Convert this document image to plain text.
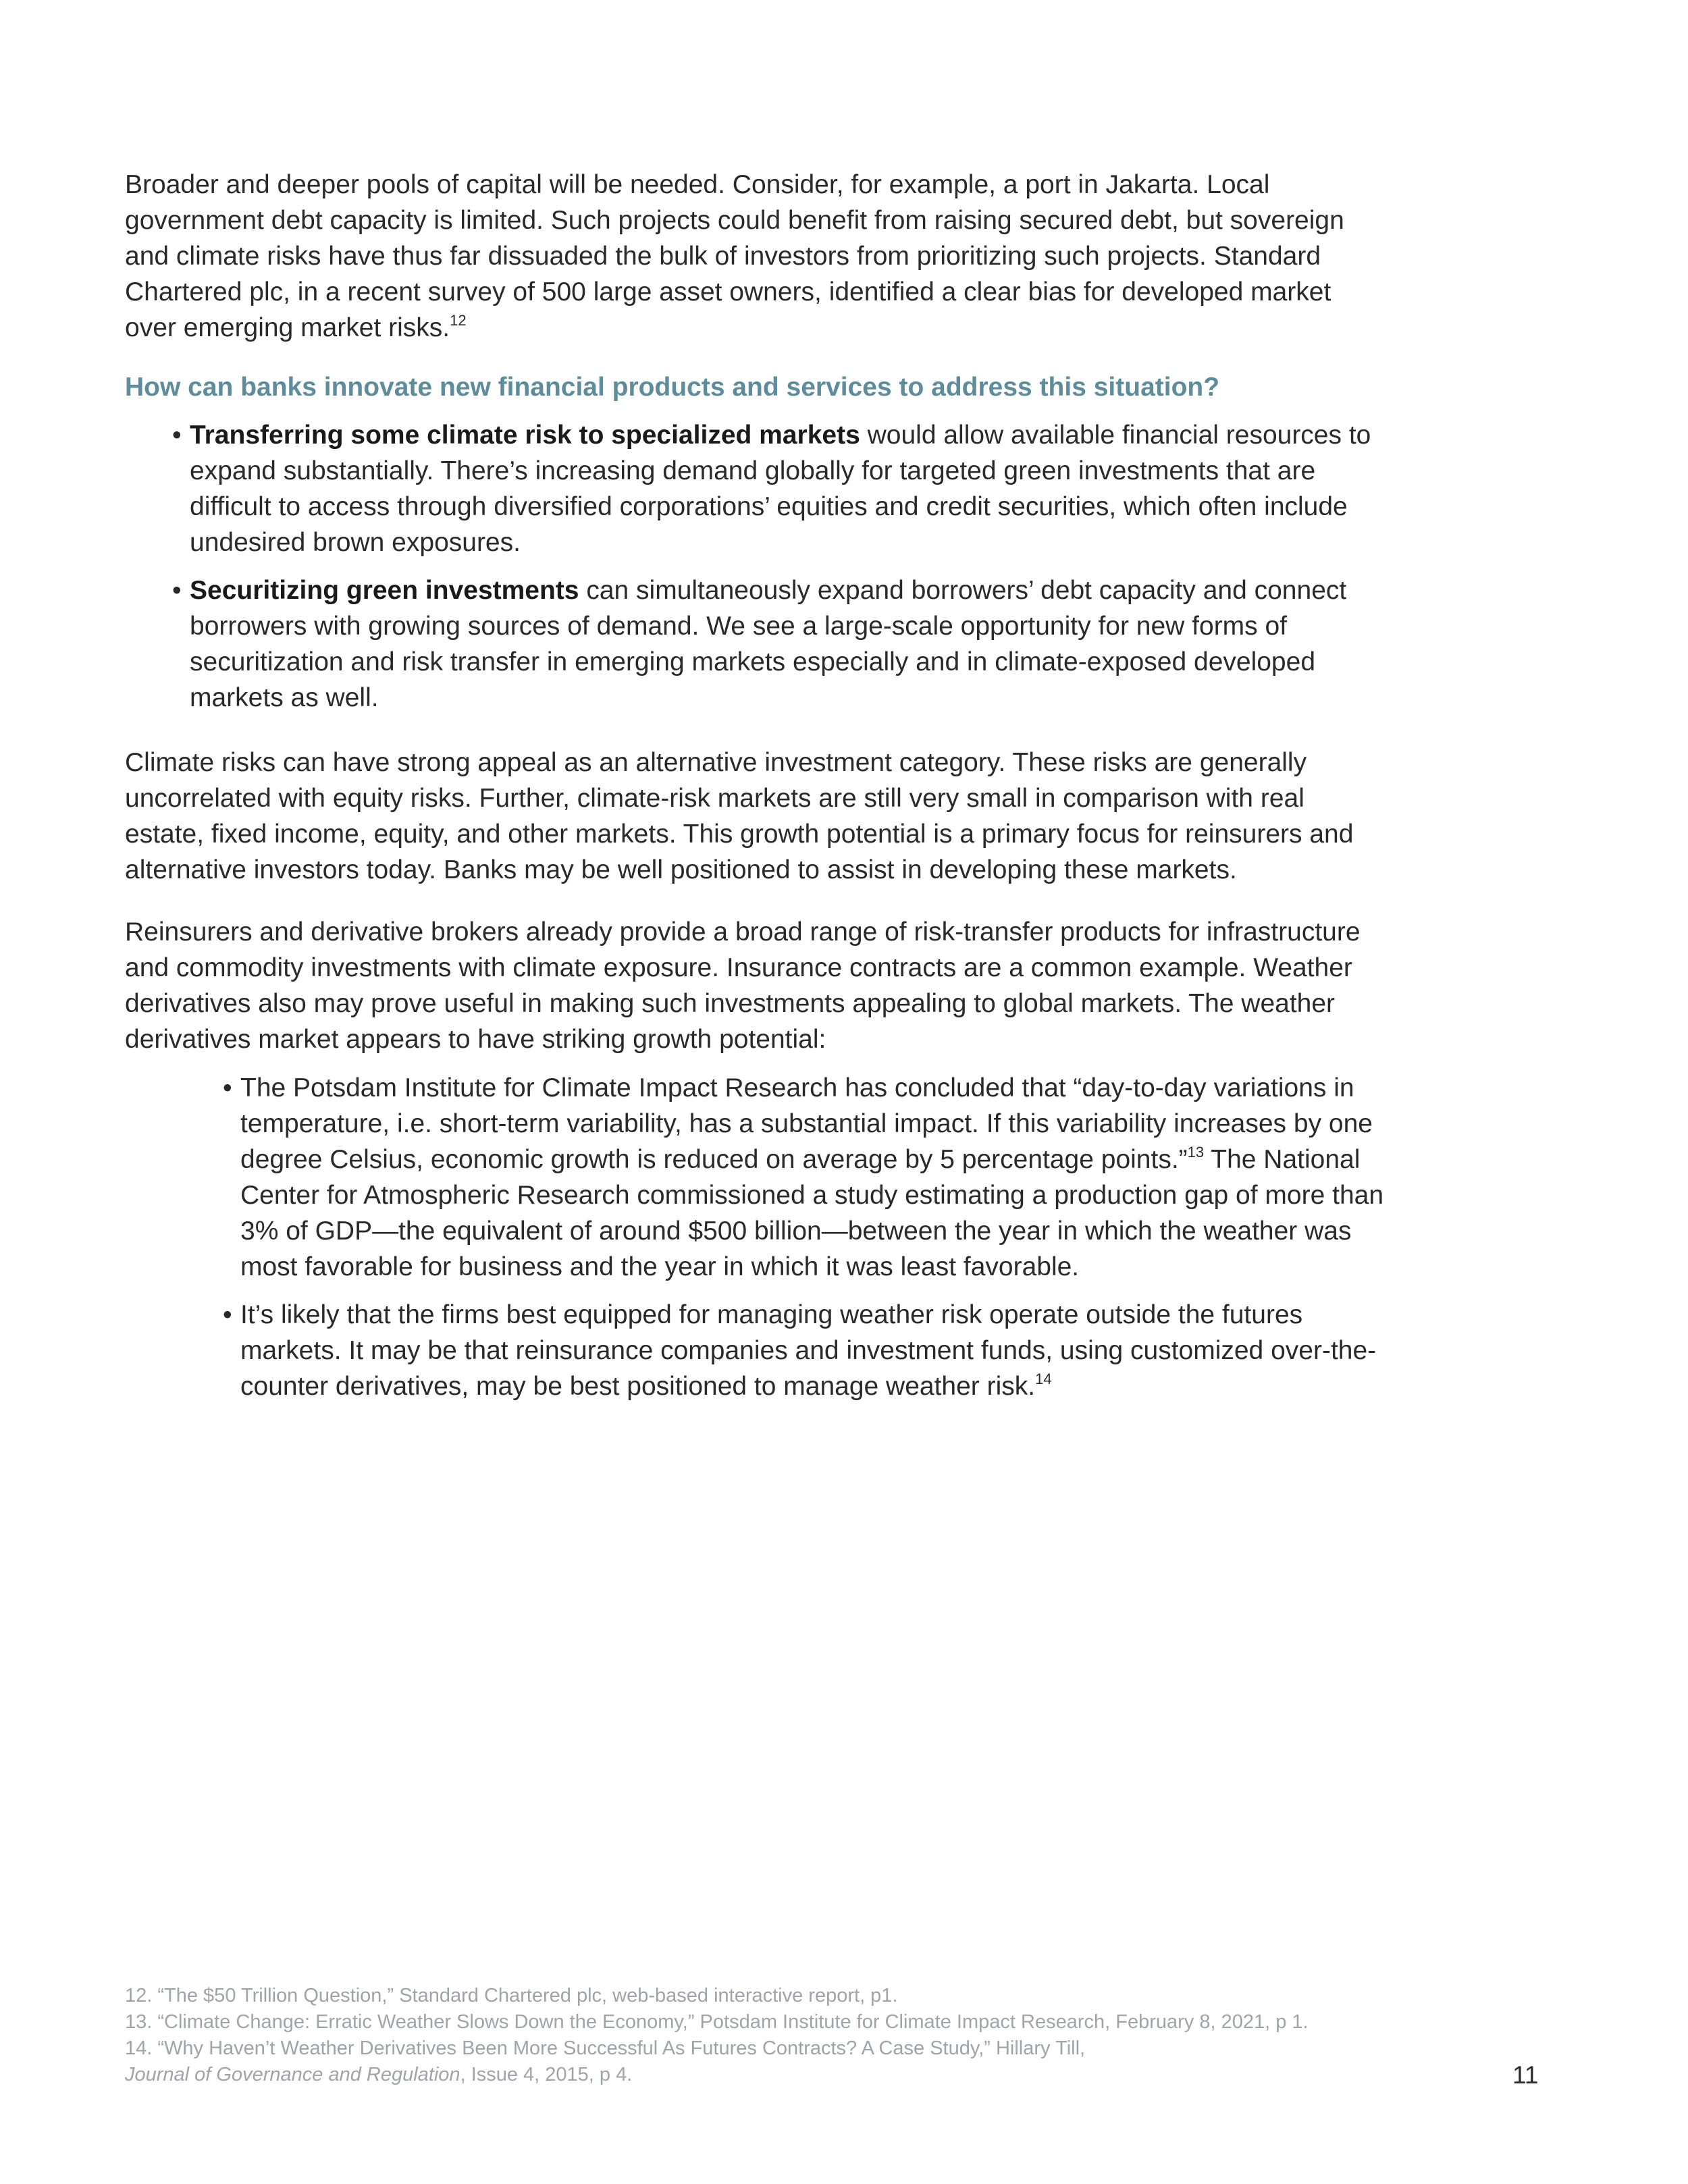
Broader and deeper pools of capital will be needed. Consider, for example, a port in Jakarta. Local government debt capacity is limited. Such projects could benefit from raising secured debt, but sovereign and climate risks have thus far dissuaded the bulk of investors from prioritizing such projects. Standard Chartered plc, in a recent survey of 500 large asset owners, identified a clear bias for developed market over emerging market risks.$^{12}$

How can banks innovate new financial products and services to address this situation?

• Transferring some climate risk to specialized markets would allow available financial resources to expand substantially. There’s increasing demand globally for targeted green investments that are difficult to access through diversified corporations’ equities and credit securities, which often include undesired brown exposures.
• Securitizing green investments can simultaneously expand borrowers’ debt capacity and connect borrowers with growing sources of demand. We see a large-scale opportunity for new forms of securitization and risk transfer in emerging markets especially and in climate-exposed developed markets as well.

Climate risks can have strong appeal as an alternative investment category. These risks are generally uncorrelated with equity risks. Further, climate-risk markets are still very small in comparison with real estate, fixed income, equity, and other markets. This growth potential is a primary focus for reinsurers and alternative investors today. Banks may be well positioned to assist in developing these markets.

Reinsurers and derivative brokers already provide a broad range of risk-transfer products for infrastructure and commodity investments with climate exposure. Insurance contracts are a common example. Weather derivatives also may prove useful in making such investments appealing to global markets. The weather derivatives market appears to have striking growth potential:

• The Potsdam Institute for Climate Impact Research has concluded that “day-to-day variations in temperature, i.e. short-term variability, has a substantial impact. If this variability increases by one degree Celsius, economic growth is reduced on average by 5 percentage points.”$^{13}$ The National Center for Atmospheric Research commissioned a study estimating a production gap of more than 3% of GDP—the equivalent of around $500 billion—between the year in which the weather was most favorable for business and the year in which it was least favorable.
• It’s likely that the firms best equipped for managing weather risk operate outside the futures markets. It may be that reinsurance companies and investment funds, using customized over-the-counter derivatives, may be best positioned to manage weather risk.$^{14}$
12. “The $50 Trillion Question,” Standard Chartered plc, web-based interactive report, p1.
13. “Climate Change: Erratic Weather Slows Down the Economy,” Potsdam Institute for Climate Impact Research, February 8, 2021, p 1.
14. “Why Haven’t Weather Derivatives Been More Successful As Futures Contracts? A Case Study,” Hillary Till,
Journal of Governance and Regulation, Issue 4, 2015, p 4.	11
